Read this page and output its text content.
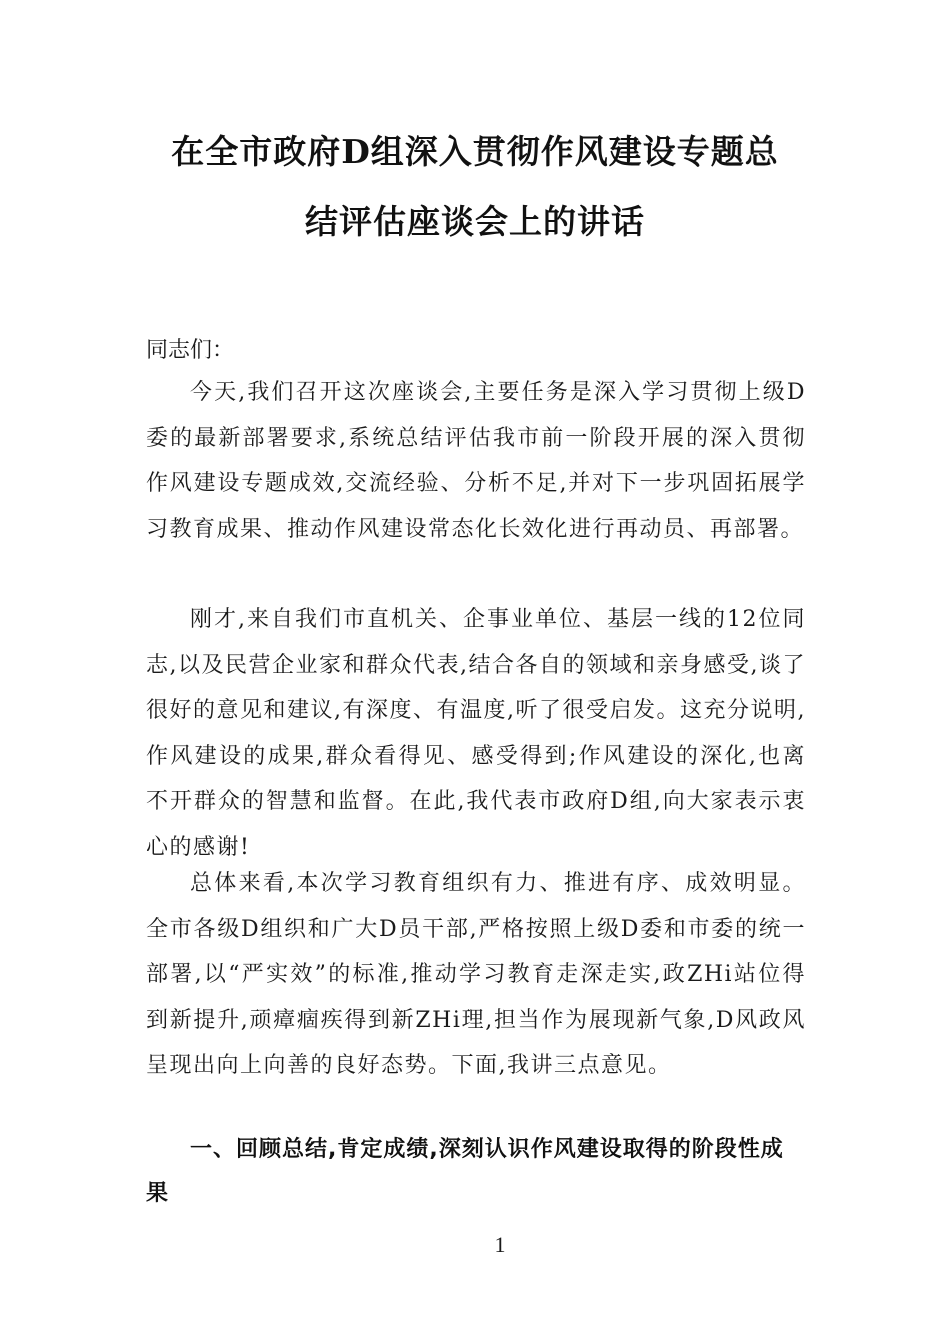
在全市政府D组深入贯彻作风建设专题总
结评估座谈会上的讲话
同志们：

今天,我们召开这次座谈会,主要任务是深入学习贯彻上级D委的最新部署要求,系统总结评估我市前一阶段开展的深入贯彻作风建设专题成效,交流经验、分析不足,并对下一步巩固拓展学习教育成果、推动作风建设常态化长效化进行再动员、再部署。

刚才,来自我们市直机关、企事业单位、基层一线的12位同志,以及民营企业家和群众代表,结合各自的领域和亲身感受,谈了很好的意见和建议,有深度、有温度,听了很受启发。这充分说明,作风建设的成果,群众看得见、感受得到;作风建设的深化,也离不开群众的智慧和监督。在此,我代表市政府D组,向大家表示衷心的感谢!

总体来看,本次学习教育组织有力、推进有序、成效明显。全市各级D组织和广大D员干部,严格按照上级D委和市委的统一部署,以“严实效”的标准,推动学习教育走深走实,政ZHi站位得到新提升,顽瘴痼疾得到新ZHi理,担当作为展现新气象,D风政风呈现出向上向善的良好态势。下面,我讲三点意见。

一、回顾总结,肯定成绩,深刻认识作风建设取得的阶段性成果
1
